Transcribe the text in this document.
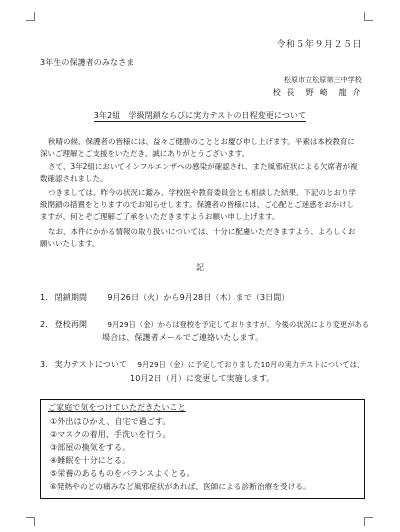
令和５年９月２５日
3年生の保護者のみなさま
松原市立松原第三中学校
校 長　野 崎　龍 介
3年2組　学級閉鎖ならびに実力テストの日程変更について

秋晴の候、保護者の皆様には、益々ご健勝のこととお慶び申し上げます。平素は本校教育に深いご理解とご支援をいただき、誠にありがとうございます。

さて、3年2組においてインフルエンザへの感染が確認され、また風邪症状による欠席者が複数確認されました。

つきましては、昨今の状況に鑑み、学校医や教育委員会とも相談した結果、下記のとおり学級閉鎖の措置をとりますのでお知らせします。保護者の皆様には、ご心配とご迷惑をおかけしますが、何とぞご理解ご了承をいただきますようお願い申し上げます。

なお、本件にかかる情報の取り扱いについては、十分に配慮いただきますよう、よろしくお願いいたします。

記
1. 閉鎖期間	9月26日（火）から9月28日（木）まで（3日間）
2. 登校再開	9月29日（金）からは登校を予定しておりますが、今後の状況により変更がある
場合は、保護者メールでご連絡いたします。
3. 実力テストについて 9月29日（金）に予定しておりました10月の実力テストについては、
10月2日（月）に変更して実施します。
ご家庭で気をつけていただきたいこと
①外出はひかえ、自宅で過ごす。
②マスクの着用、手洗いを行う。
③部屋の換気をする。
④睡眠を十分にとる。
⑤栄養のあるものをバランスよくとる。
⑥発熱やのどの痛みなど風邪症状があれば、医師による診断治療を受ける。
